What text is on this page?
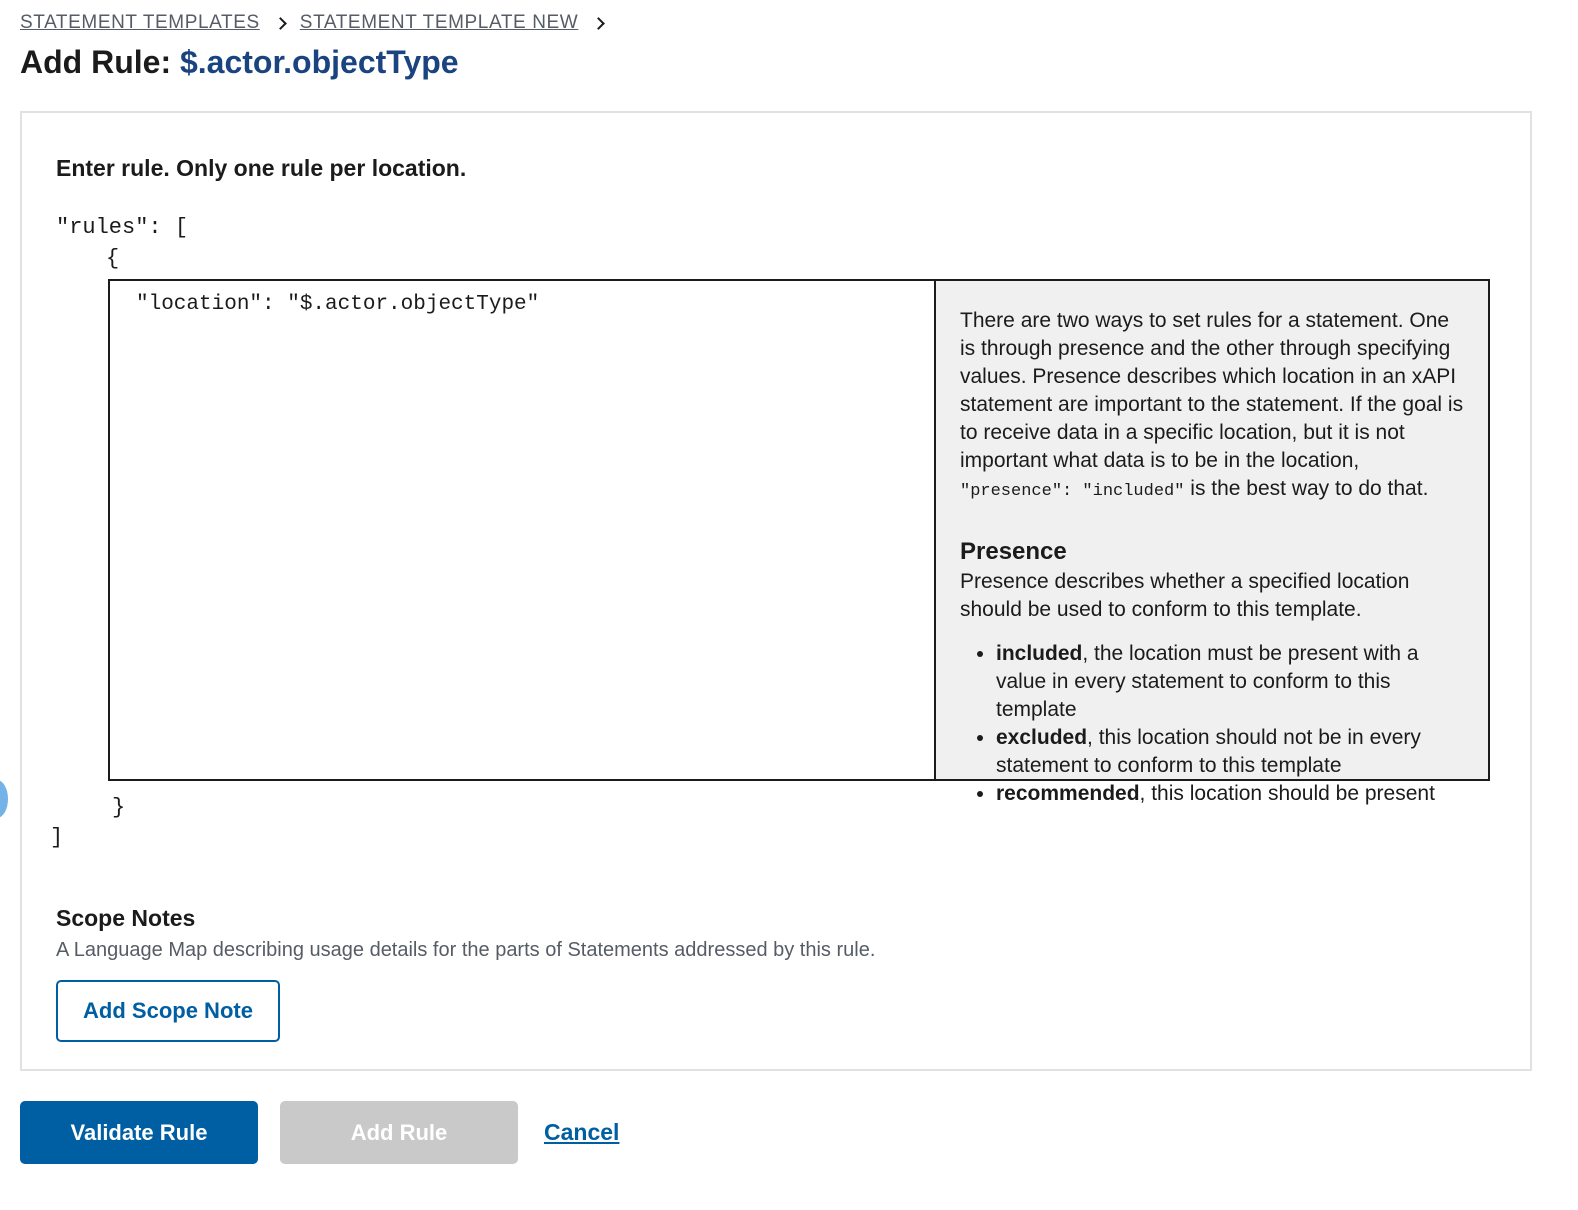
STATEMENT TEMPLATES STATEMENT TEMPLATE NEW
Add Rule: $.actor.objectType
Enter rule. Only one rule per location.
"rules": [
{
"location": "$.actor.objectType"

There are two ways to set rules for a statement. One is through presence and the other through specifying values. Presence describes which location in an xAPI statement are important to the statement. If the goal is to receive data in a specific location, but it is not important what data is to be in the location, "presence": "included" is the best way to do that.

Presence

Presence describes whether a specified location should be used to conform to this template.

• included, the location must be present with a value in every statement to conform to this template
• excluded, this location should not be in every statement to conform to this template
• recommended, this location should be present
}
]
Scope Notes
A Language Map describing usage details for the parts of Statements addressed by this rule.
Add Scope Note
Validate Rule	Add Rule	Cancel
